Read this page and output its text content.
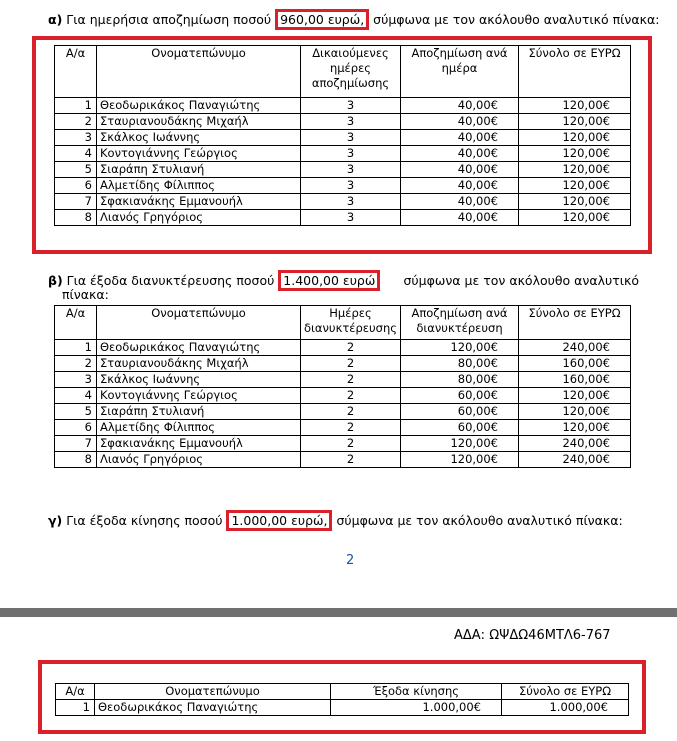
α) Για ημερήσια αποζημίωση ποσού 960,00 ευρώ, σύμφωνα με τον ακόλουθο αναλυτικό πίνακα:
Α/α	Ονοματεπώνυμο	Δικαιούμενες ημέρες αποζημίωσης	Αποζημίωση ανά ημέρα	Σύνολο σε ΕΥΡΩ
1	Θεοδωρικάκος Παναγιώτης	3	40,00€	120,00€
2	Σταυριανουδάκης Μιχαήλ	3	40,00€	120,00€
3	Σκάλκος Ιωάννης	3	40,00€	120,00€
4	Κοντογιάννης Γεώργιος	3	40,00€	120,00€
5	Σιαράπη Στυλιανή	3	40,00€	120,00€
6	Αλμετίδης Φίλιππος	3	40,00€	120,00€
7	Σφακιανάκης Εμμανουήλ	3	40,00€	120,00€
8	Λιανός Γρηγόριος	3	40,00€	120,00€
β) Για έξοδα διανυκτέρευσης ποσού 1.400,00 ευρώ	σύμφωνα με τον ακόλουθο αναλυτικό
πίνακα:
Α/α	Ονοματεπώνυμο	Ημέρες διανυκτέρευσης	Αποζημίωση ανά διανυκτέρευση	Σύνολο σε ΕΥΡΩ
1	Θεοδωρικάκος Παναγιώτης	2	120,00€	240,00€
2	Σταυριανουδάκης Μιχαήλ	2	80,00€	160,00€
3	Σκάλκος Ιωάννης	2	80,00€	160,00€
4	Κοντογιάννης Γεώργιος	2	60,00€	120,00€
5	Σιαράπη Στυλιανή	2	60,00€	120,00€
6	Αλμετίδης Φίλιππος	2	60,00€	120,00€
7	Σφακιανάκης Εμμανουήλ	2	120,00€	240,00€
8	Λιανός Γρηγόριος	2	120,00€	240,00€
γ) Για έξοδα κίνησης ποσού 1.000,00 ευρώ, σύμφωνα με τον ακόλουθο αναλυτικό πίνακα:
2
ΑΔΑ: ΩΨΔΩ46ΜΤΛ6-767
Α/α	Ονοματεπώνυμο	Έξοδα κίνησης	Σύνολο σε ΕΥΡΩ
1	Θεοδωρικάκος Παναγιώτης	1.000,00€	1.000,00€
